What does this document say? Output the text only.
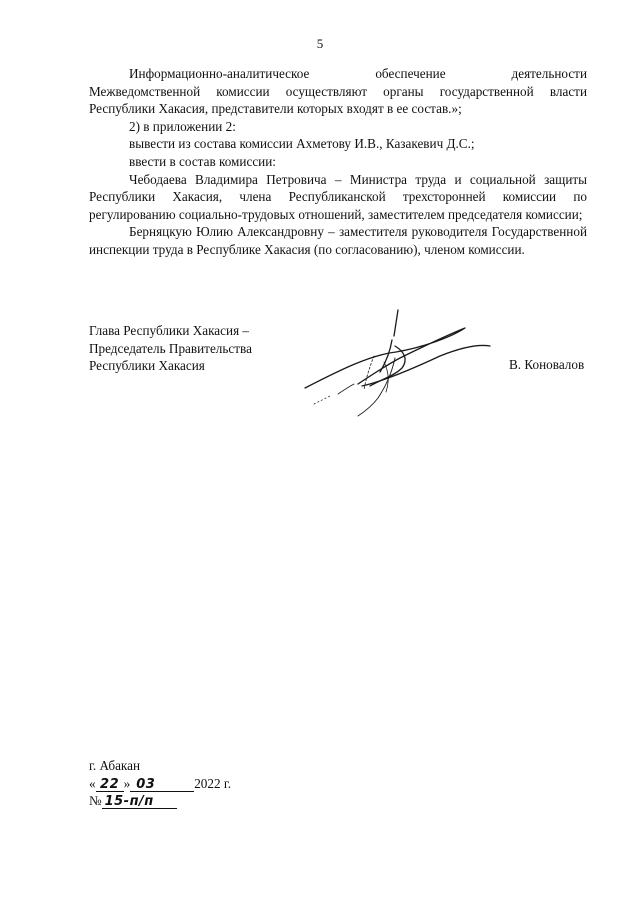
5

Информационно-аналитическое обеспечение деятельности

Межведомственной комиссии осуществляют органы государственной власти Республики Хакасия, представители которых входят в ее состав.»;

2) в приложении 2:

вывести из состава комиссии Ахметову И.В., Казакевич Д.С.;

ввести в состав комиссии:

Чебодаева Владимира Петровича – Министра труда и социальной защиты Республики Хакасия, члена Республиканской трехсторонней комиссии по регулированию социально-трудовых отношений, заместителем председателя комиссии;

Берняцкую Юлию Александровну – заместителя руководителя Государственной инспекции труда в Республике Хакасия (по согласованию), членом комиссии.

Глава Республики Хакасия –
Председатель Правительства
Республики Хакасия	В. Коновалов
г. Абакан
« 22 » 03	2022 г.
№ 15-п/п
